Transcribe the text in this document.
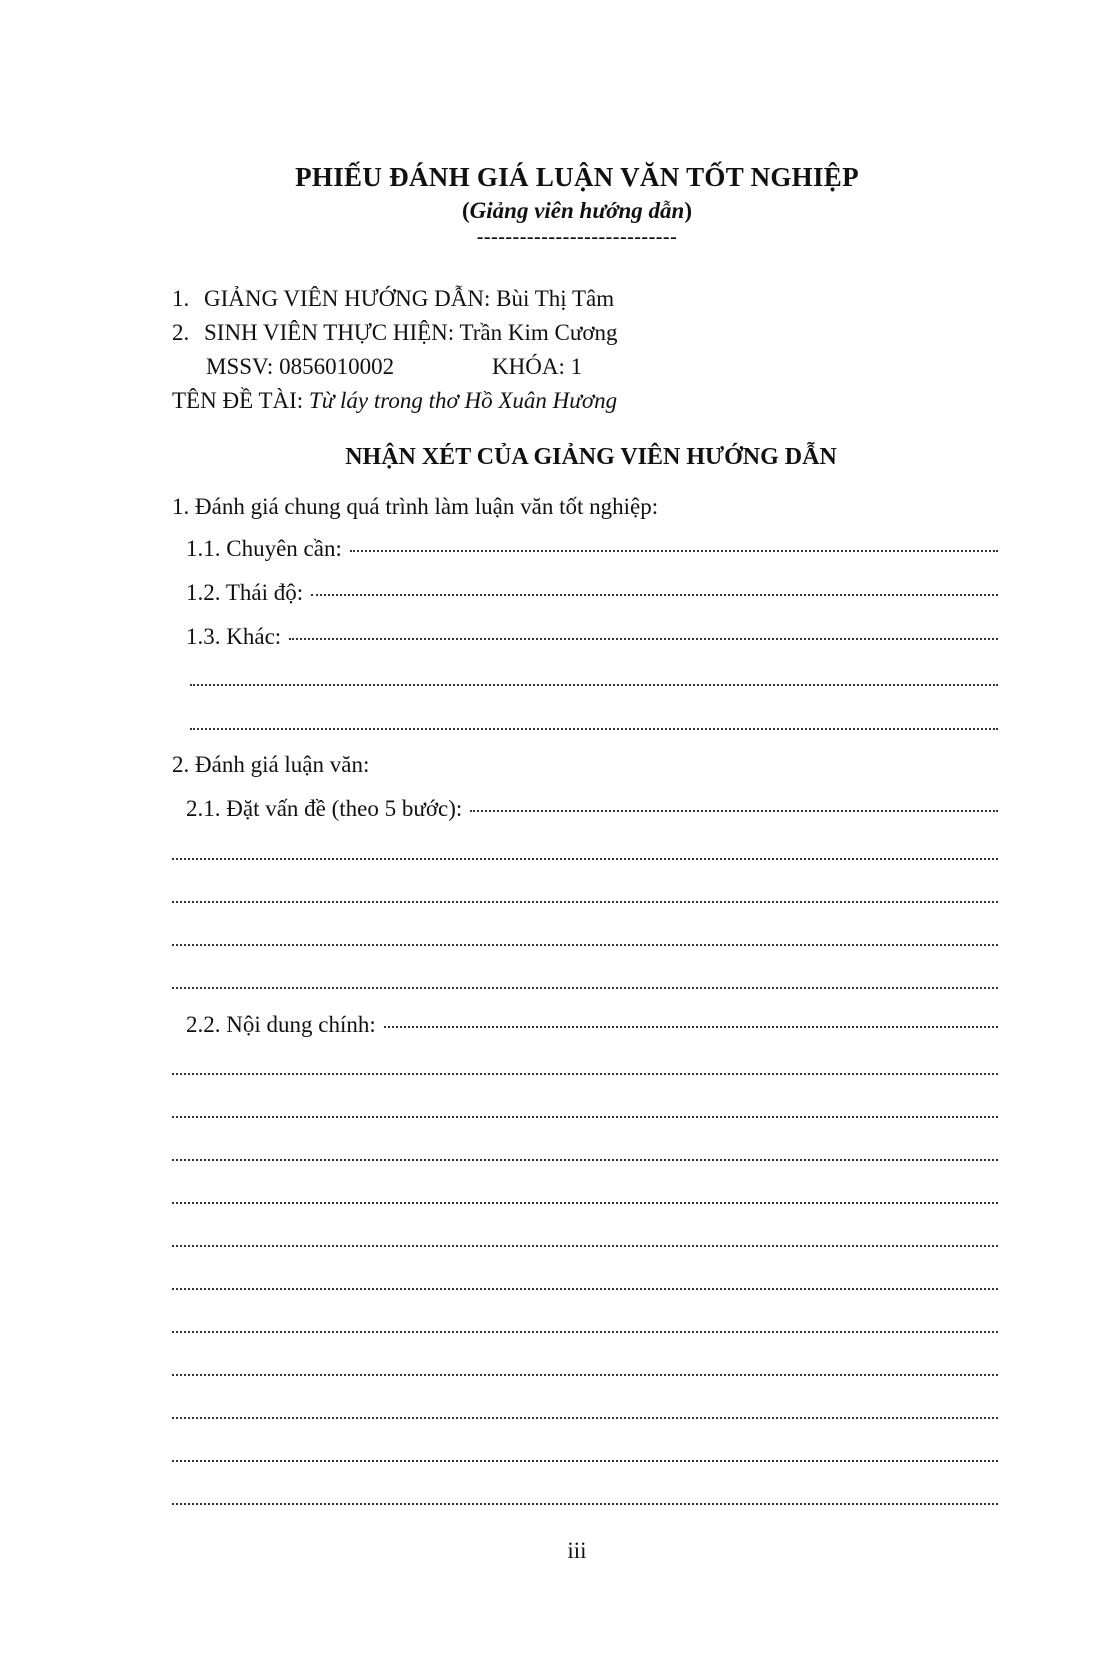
PHIẾU ĐÁNH GIÁ LUẬN VĂN TỐT NGHIỆP
(Giảng viên hướng dẫn)
----------------------------
1. GIẢNG VIÊN HƯỚNG DẪN: Bùi Thị Tâm
2. SINH VIÊN THỰC HIỆN: Trần Kim Cương
MSSV: 0856010002	KHÓA: 1
TÊN ĐỀ TÀI: Từ láy trong thơ Hồ Xuân Hương
NHẬN XÉT CỦA GIẢNG VIÊN HƯỚNG DẪN
1. Đánh giá chung quá trình làm luận văn tốt nghiệp:
1.1. Chuyên cần:
1.2. Thái độ:
1.3. Khác:
2. Đánh giá luận văn:
2.1. Đặt vấn đề (theo 5 bước):
2.2. Nội dung chính:
iii
